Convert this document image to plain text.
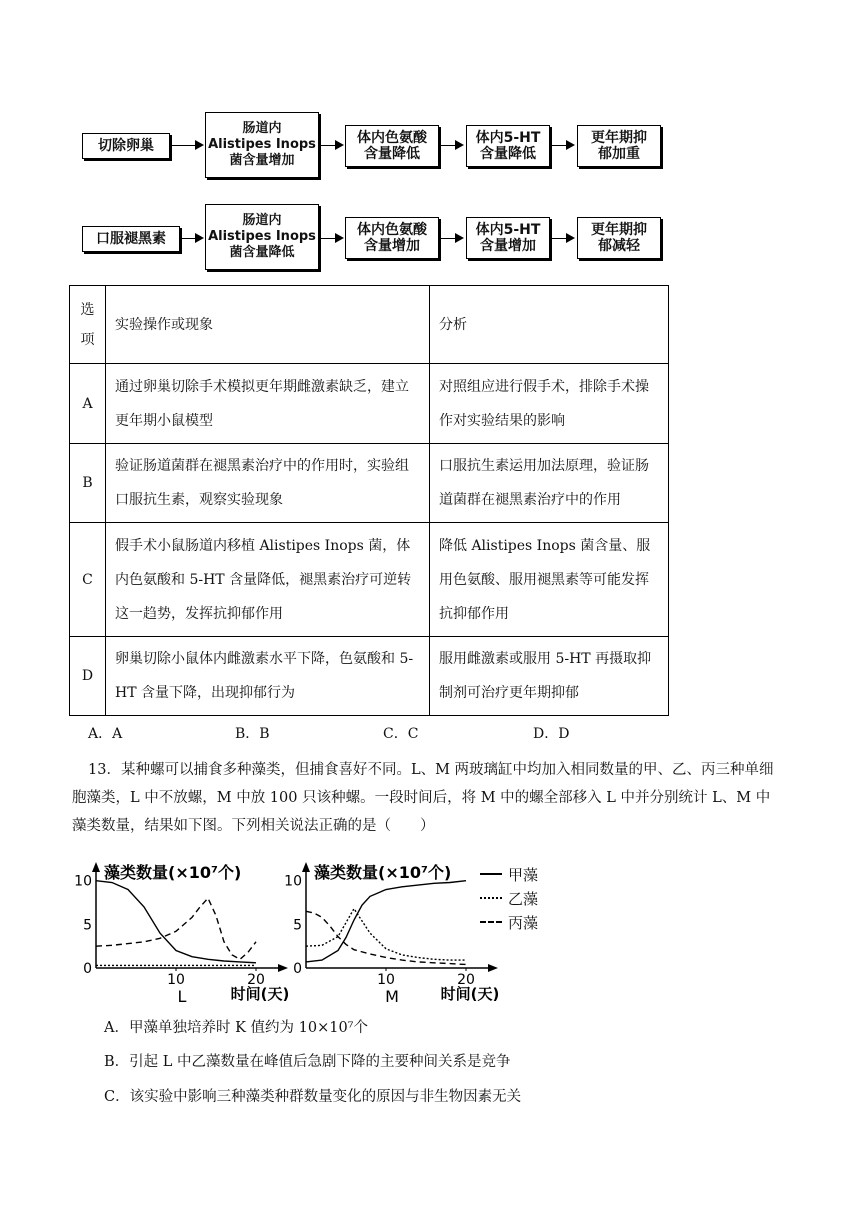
切除卵巢
肠道内
Alistipes Inops
菌含量增加
体内色氨酸
含量降低
体内5-HT
含量降低
更年期抑
郁加重
口服褪黑素
肠道内
Alistipes Inops
菌含量降低
体内色氨酸
含量增加
体内5-HT
含量增加
更年期抑
郁减轻
选
项	实验操作或现象	分析
A	通过卵巢切除手术模拟更年期雌激素缺乏，建立更年期小鼠模型	对照组应进行假手术，排除手术操作对实验结果的影响
B	验证肠道菌群在褪黑素治疗中的作用时，实验组口服抗生素，观察实验现象	口服抗生素运用加法原理，验证肠道菌群在褪黑素治疗中的作用
C	假手术小鼠肠道内移植 Alistipes Inops 菌，体内色氨酸和 5-HT 含量降低，褪黑素治疗可逆转这一趋势，发挥抗抑郁作用	降低 Alistipes Inops 菌含量、服用色氨酸、服用褪黑素等可能发挥抗抑郁作用
D	卵巢切除小鼠体内雌激素水平下降，色氨酸和 5-HT 含量下降，出现抑郁行为	服用雌激素或服用 5-HT 再摄取抑制剂可治疗更年期抑郁
A．A	B．B	C．C	D．D

13．某种螺可以捕食多种藻类，但捕食喜好不同。L、M 两玻璃缸中均加入相同数量的甲、乙、丙三种单细

胞藻类，L 中不放螺，M 中放 100 只该种螺。一段时间后，将 M 中的螺全部移入 L 中并分别统计 L、M 中

藻类数量，结果如下图。下列相关说法正确的是（　　）

藻类数量(×10⁷个)
0
5
10
10	20
时间(天)
L
藻类数量(×10⁷个)
0
5
10
10	20
时间(天)
M
甲藻
乙藻
丙藻
A．甲藻单独培养时 K 值约为 10×10⁷个
B．引起 L 中乙藻数量在峰值后急剧下降的主要种间关系是竞争
C．该实验中影响三种藻类种群数量变化的原因与非生物因素无关
